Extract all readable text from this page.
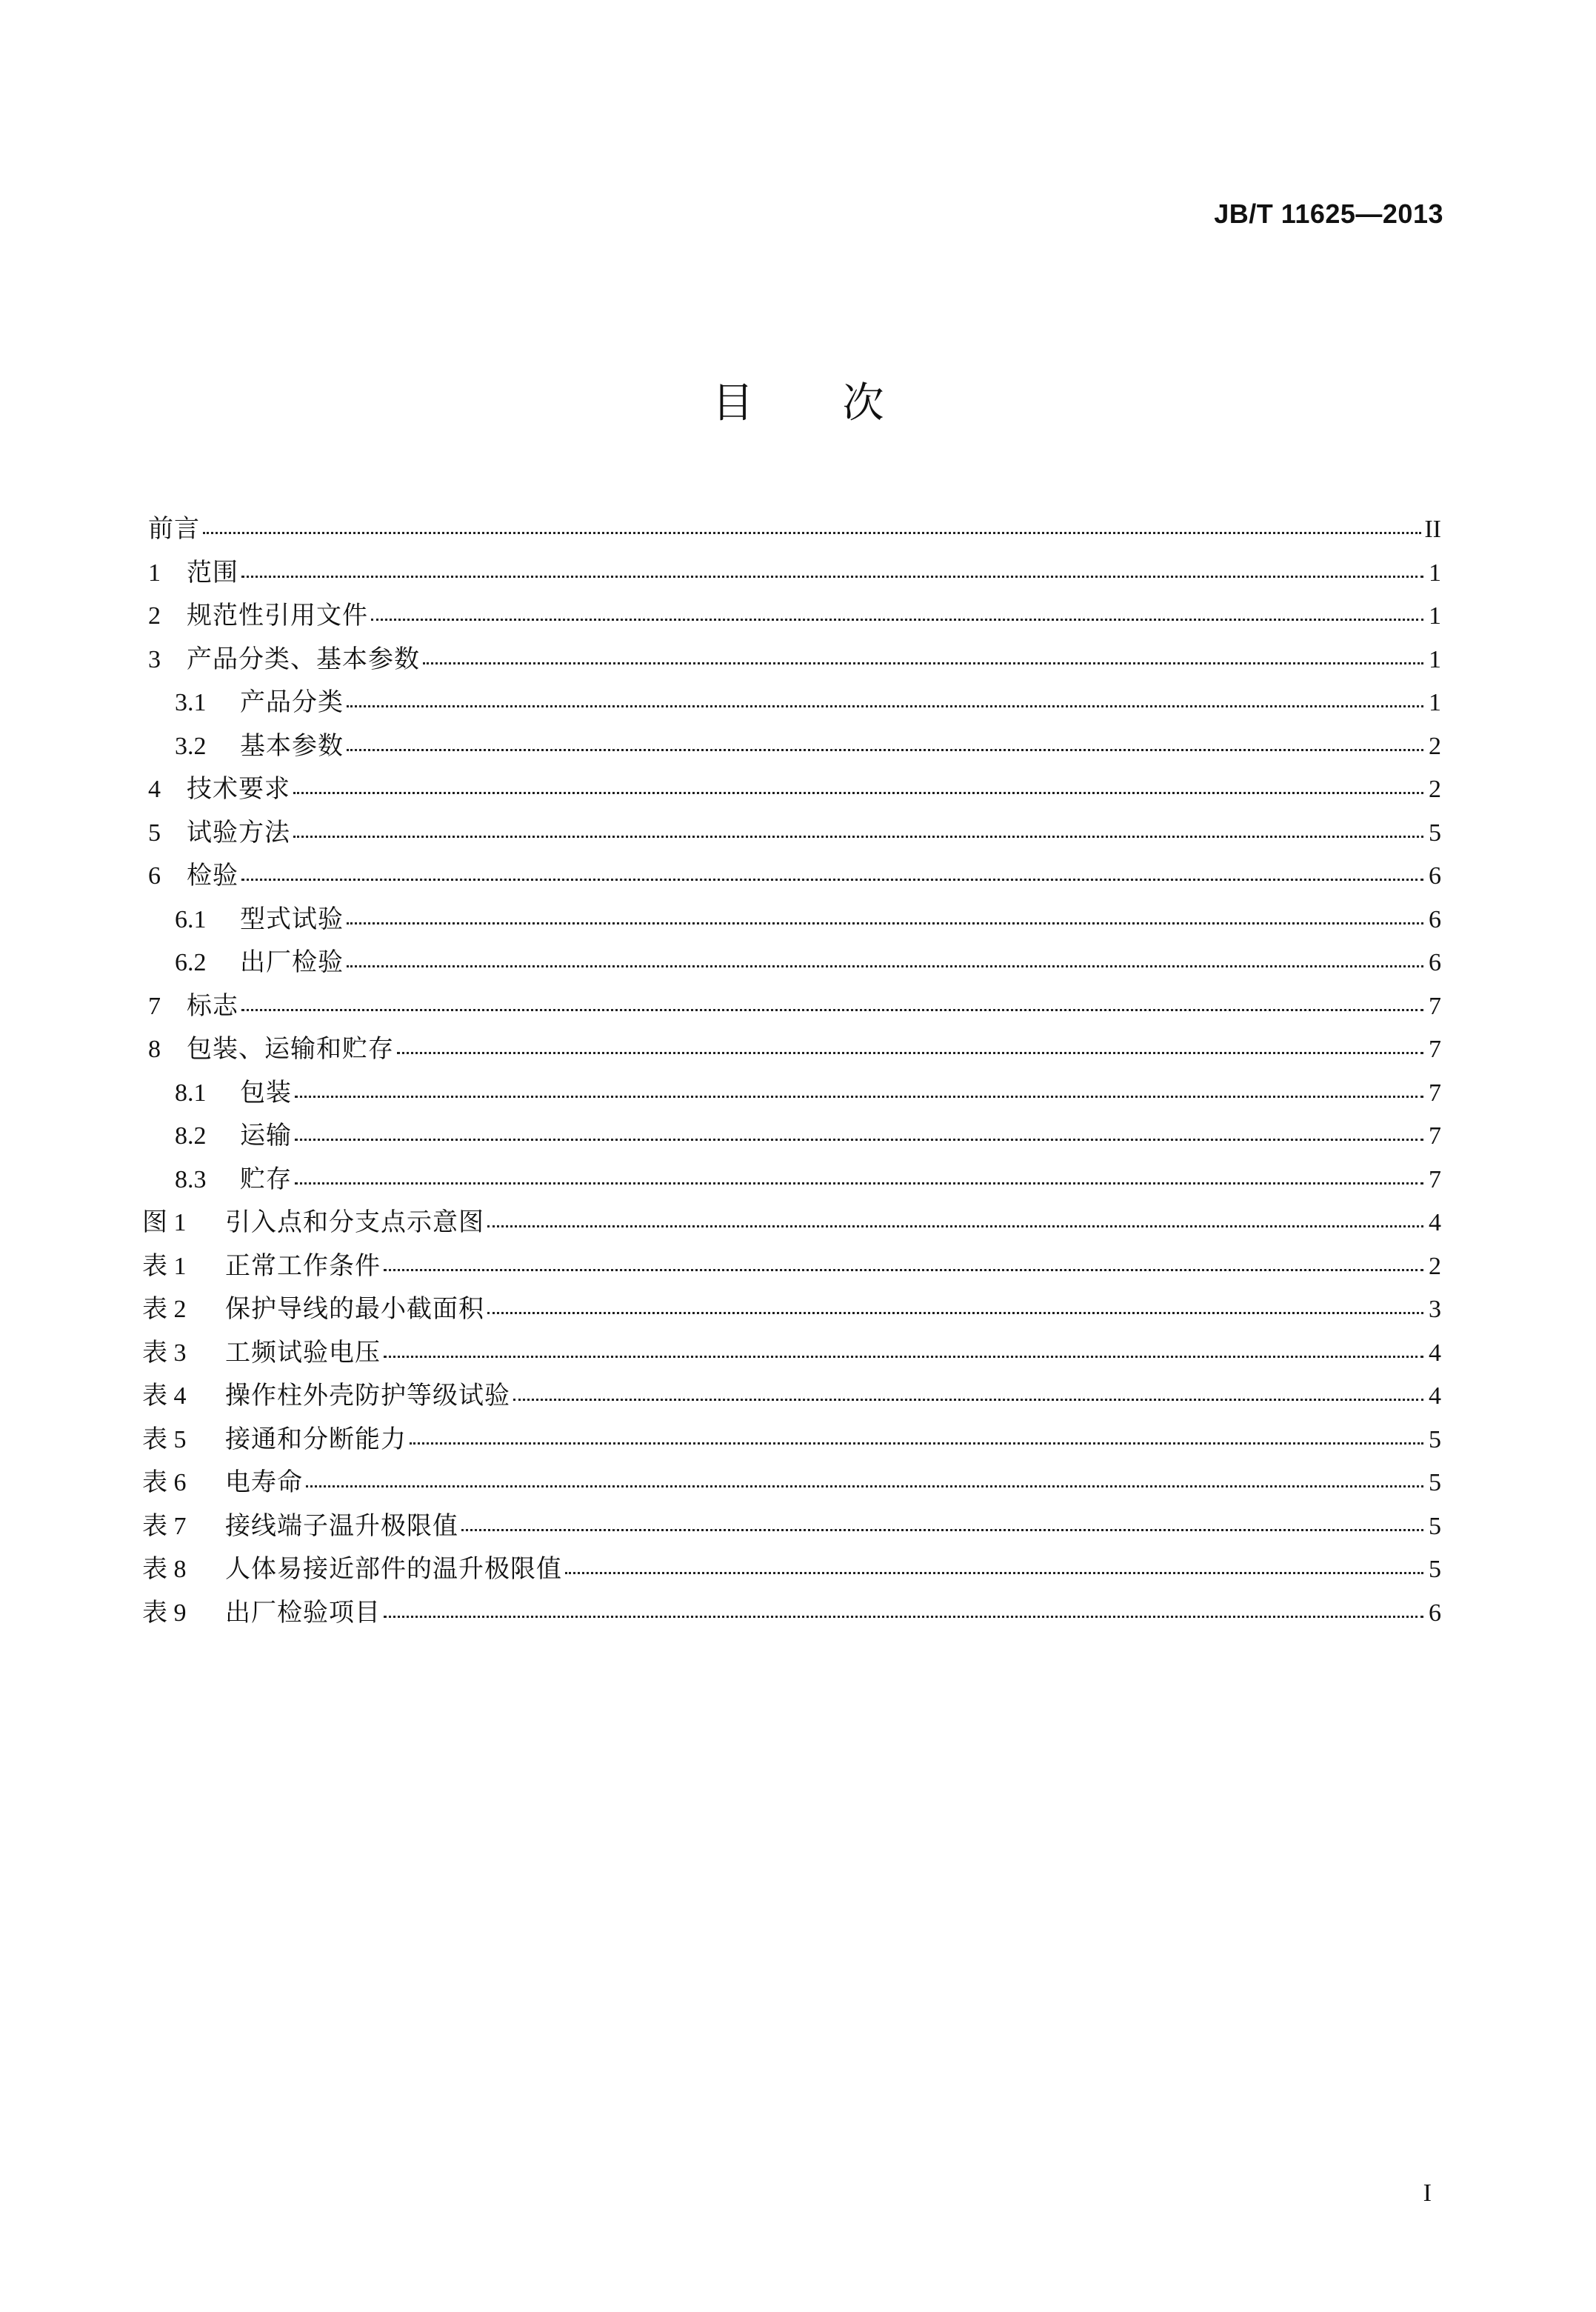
JB/T 11625—2013
目 次
前言	II
1	范围	1
2	规范性引用文件	1
3	产品分类、基本参数	1
3.1	产品分类	1
3.2	基本参数	2
4	技术要求	2
5	试验方法	5
6	检验	6
6.1	型式试验	6
6.2	出厂检验	6
7	标志	7
8	包装、运输和贮存	7
8.1	包装	7
8.2	运输	7
8.3	贮存	7
图 1	引入点和分支点示意图	4
表 1	正常工作条件	2
表 2	保护导线的最小截面积	3
表 3	工频试验电压	4
表 4	操作柱外壳防护等级试验	4
表 5	接通和分断能力	5
表 6	电寿命	5
表 7	接线端子温升极限值	5
表 8	人体易接近部件的温升极限值	5
表 9	出厂检验项目	6
I
